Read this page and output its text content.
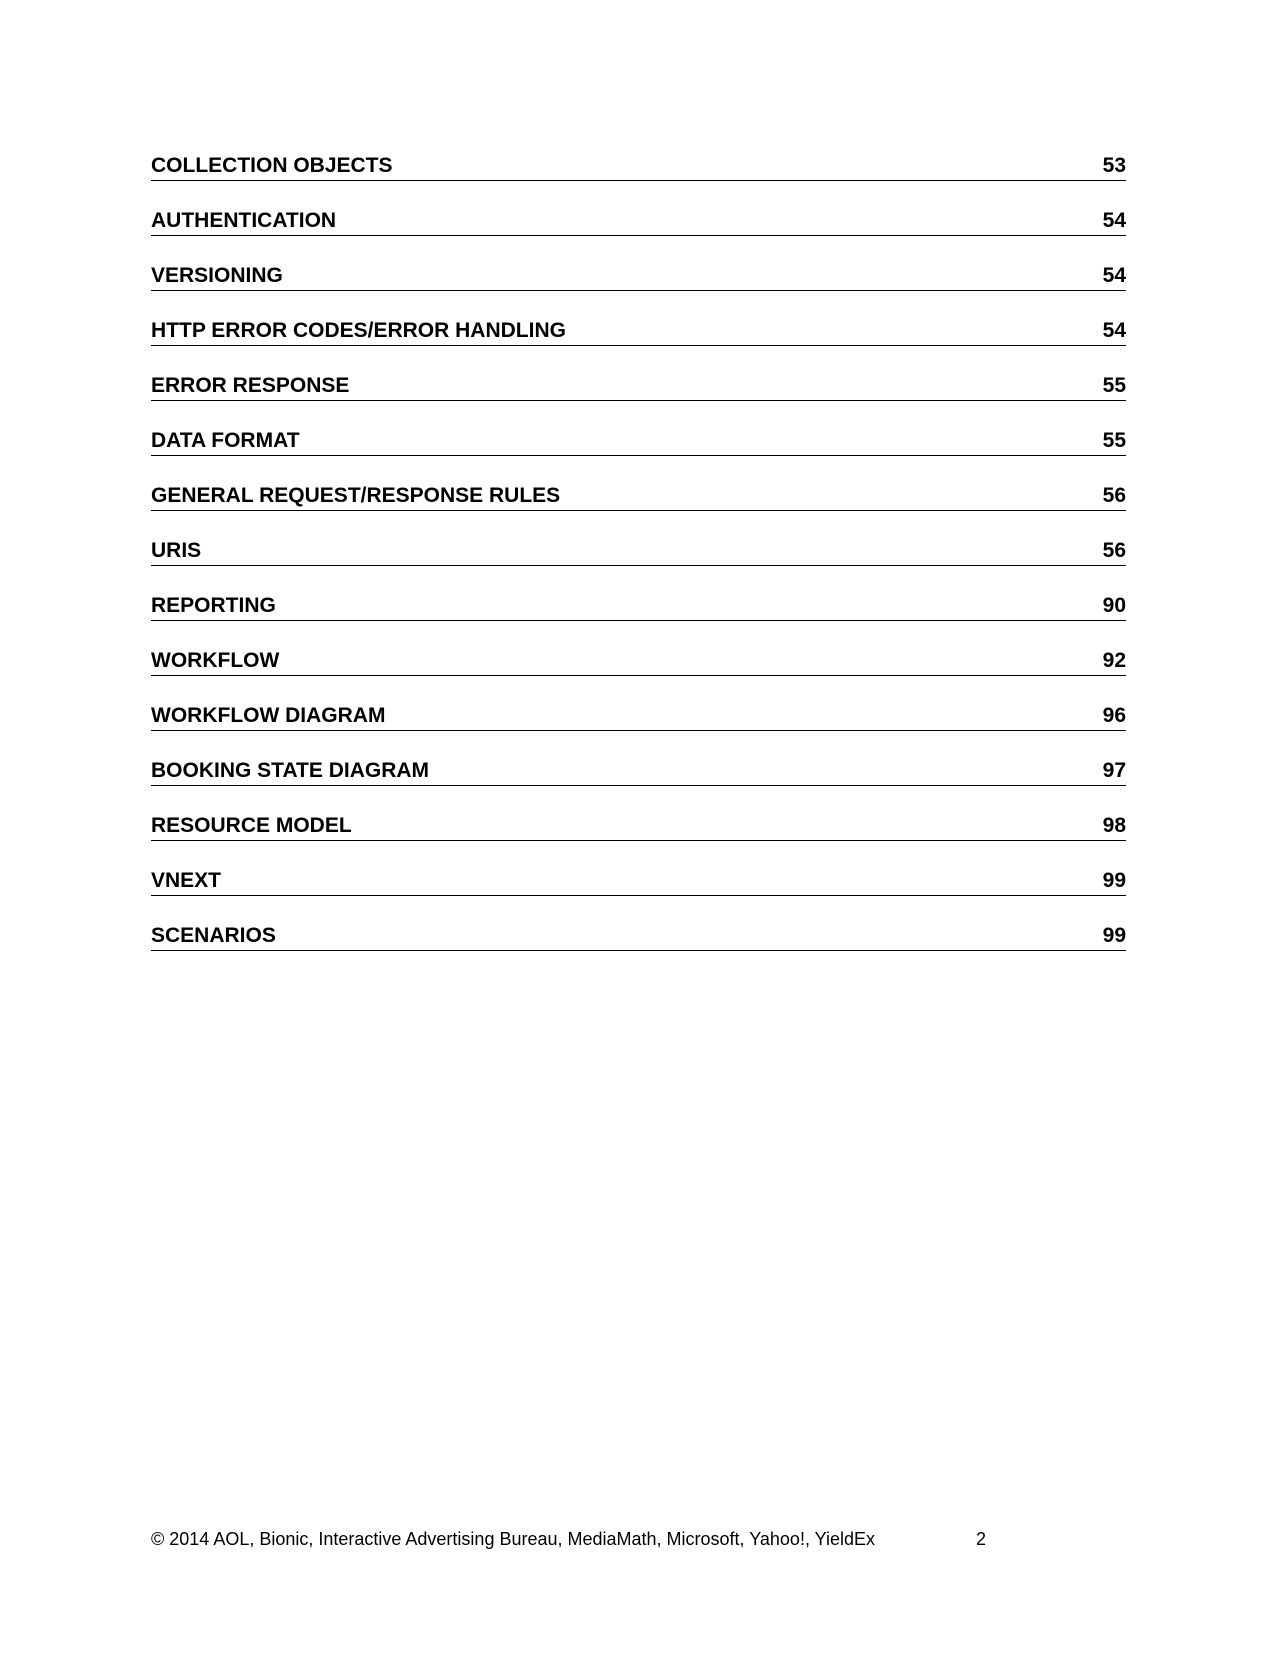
COLLECTION OBJECTS	53
AUTHENTICATION	54
VERSIONING	54
HTTP ERROR CODES/ERROR HANDLING	54
ERROR RESPONSE	55
DATA FORMAT	55
GENERAL REQUEST/RESPONSE RULES	56
URIS	56
REPORTING	90
WORKFLOW	92
WORKFLOW DIAGRAM	96
BOOKING STATE DIAGRAM	97
RESOURCE MODEL	98
VNEXT	99
SCENARIOS	99
© 2014 AOL, Bionic, Interactive Advertising Bureau, MediaMath, Microsoft, Yahoo!, YieldEx	2
